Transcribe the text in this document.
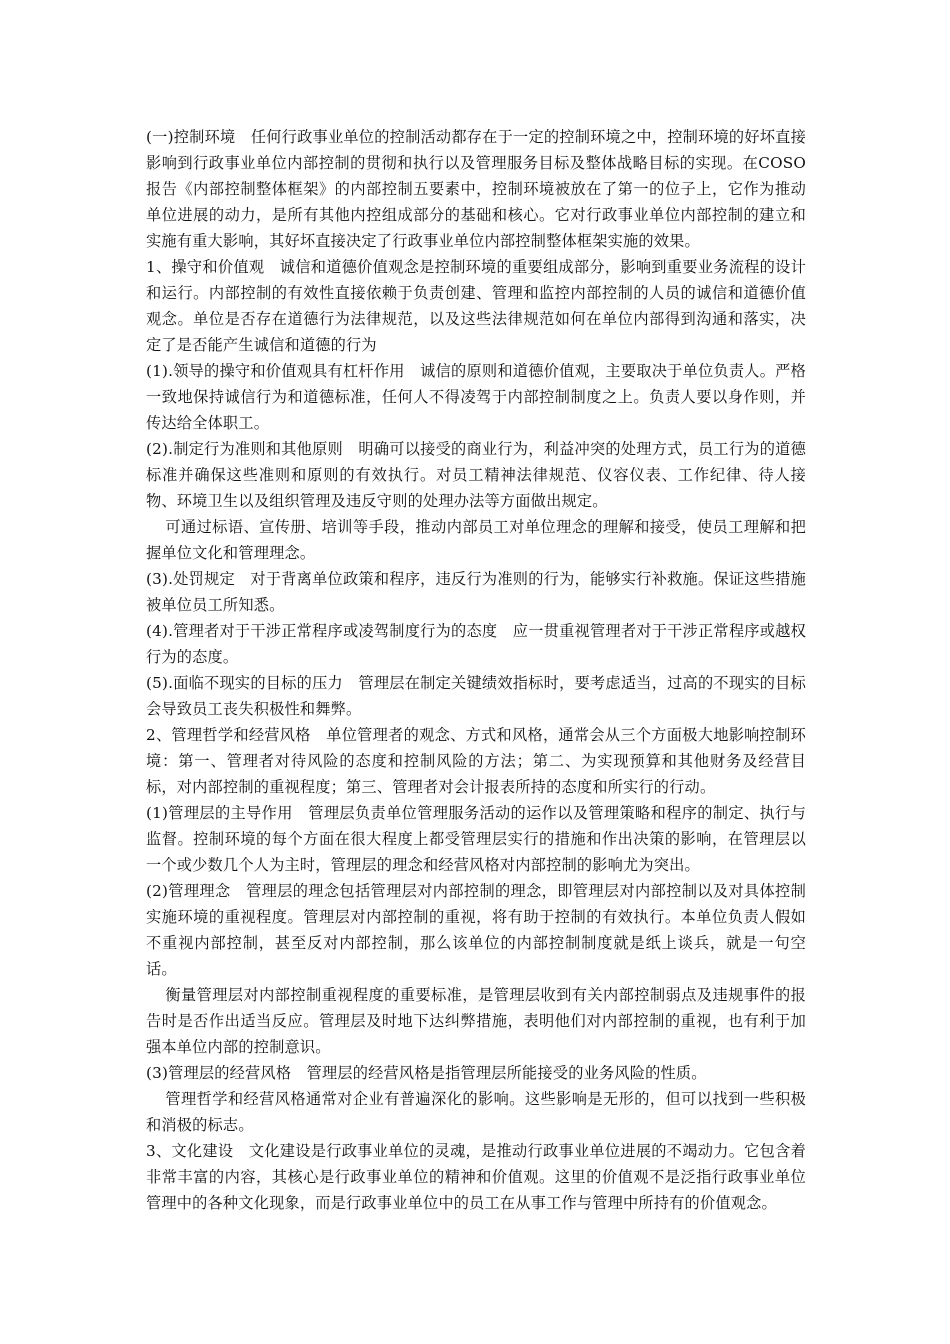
(一)控制环境　任何行政事业单位的控制活动都存在于一定的控制环境之中，控制环境的好坏直接影响到行政事业单位内部控制的贯彻和执行以及管理服务目标及整体战略目标的实现。在COSO报告《内部控制整体框架》的内部控制五要素中，控制环境被放在了第一的位子上，它作为推动单位进展的动力，是所有其他内控组成部分的基础和核心。它对行政事业单位内部控制的建立和实施有重大影响，其好坏直接决定了行政事业单位内部控制整体框架实施的效果。

1、操守和价值观　诚信和道德价值观念是控制环境的重要组成部分，影响到重要业务流程的设计和运行。内部控制的有效性直接依赖于负责创建、管理和监控内部控制的人员的诚信和道德价值观念。单位是否存在道德行为法律规范，以及这些法律规范如何在单位内部得到沟通和落实，决定了是否能产生诚信和道德的行为

(1).领导的操守和价值观具有杠杆作用　诚信的原则和道德价值观，主要取决于单位负责人。严格一致地保持诚信行为和道德标准，任何人不得凌驾于内部控制制度之上。负责人要以身作则，并传达给全体职工。

(2).制定行为准则和其他原则　明确可以接受的商业行为，利益冲突的处理方式，员工行为的道德标准并确保这些准则和原则的有效执行。对员工精神法律规范、仪容仪表、工作纪律、待人接物、环境卫生以及组织管理及违反守则的处理办法等方面做出规定。

可通过标语、宣传册、培训等手段，推动内部员工对单位理念的理解和接受，使员工理解和把握单位文化和管理理念。

(3).处罚规定　对于背离单位政策和程序，违反行为准则的行为，能够实行补救施。保证这些措施被单位员工所知悉。

(4).管理者对于干涉正常程序或凌驾制度行为的态度　应一贯重视管理者对于干涉正常程序或越权行为的态度。

(5).面临不现实的目标的压力　管理层在制定关键绩效指标时，要考虑适当，过高的不现实的目标会导致员工丧失积极性和舞弊。

2、管理哲学和经营风格　单位管理者的观念、方式和风格，通常会从三个方面极大地影响控制环境：第一、管理者对待风险的态度和控制风险的方法；第二、为实现预算和其他财务及经营目标，对内部控制的重视程度；第三、管理者对会计报表所持的态度和所实行的行动。

(1)管理层的主导作用　管理层负责单位管理服务活动的运作以及管理策略和程序的制定、执行与监督。控制环境的每个方面在很大程度上都受管理层实行的措施和作出决策的影响，在管理层以一个或少数几个人为主时，管理层的理念和经营风格对内部控制的影响尤为突出。

(2)管理理念　管理层的理念包括管理层对内部控制的理念，即管理层对内部控制以及对具体控制实施环境的重视程度。管理层对内部控制的重视，将有助于控制的有效执行。本单位负责人假如不重视内部控制，甚至反对内部控制，那么该单位的内部控制制度就是纸上谈兵，就是一句空话。

衡量管理层对内部控制重视程度的重要标准，是管理层收到有关内部控制弱点及违规事件的报告时是否作出适当反应。管理层及时地下达纠弊措施，表明他们对内部控制的重视，也有利于加强本单位内部的控制意识。

(3)管理层的经营风格　管理层的经营风格是指管理层所能接受的业务风险的性质。

管理哲学和经营风格通常对企业有普遍深化的影响。这些影响是无形的，但可以找到一些积极和消极的标志。

3、文化建设　文化建设是行政事业单位的灵魂，是推动行政事业单位进展的不竭动力。它包含着非常丰富的内容，其核心是行政事业单位的精神和价值观。这里的价值观不是泛指行政事业单位管理中的各种文化现象，而是行政事业单位中的员工在从事工作与管理中所持有的价值观念。
